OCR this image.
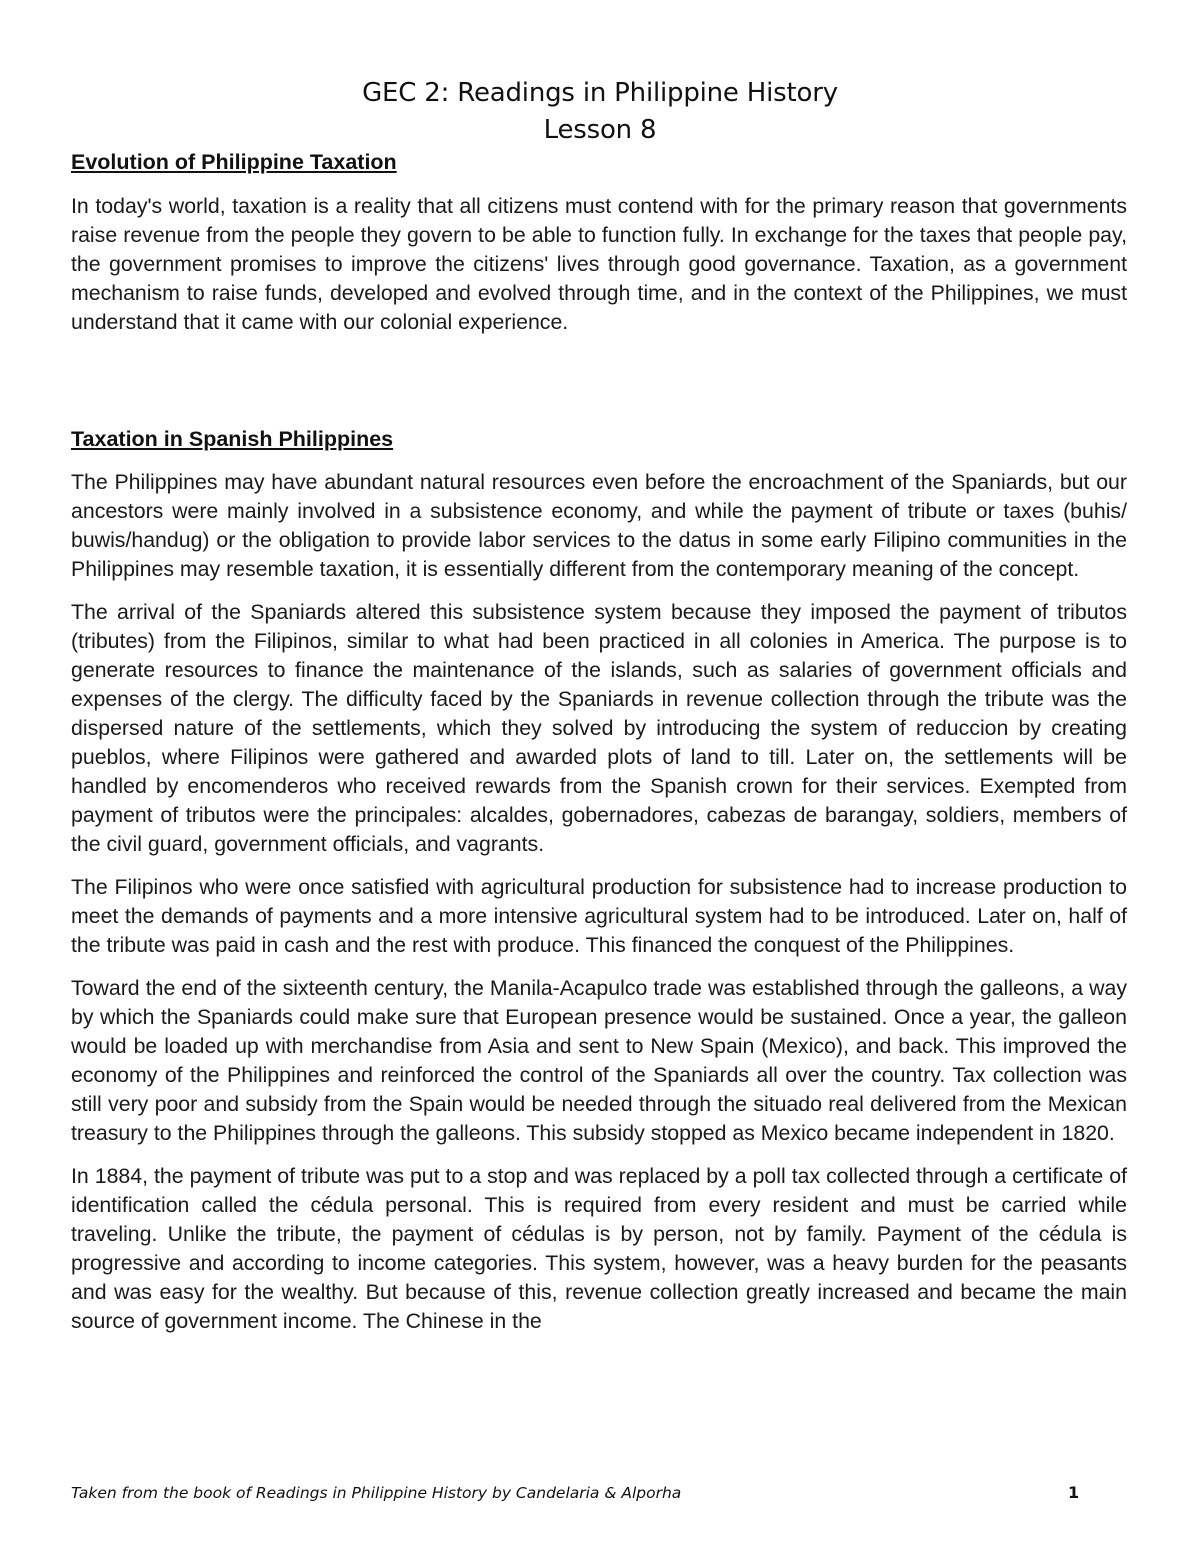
GEC 2: Readings in Philippine History
Lesson 8
Evolution of Philippine Taxation

In today's world, taxation is a reality that all citizens must contend with for the primary reason that governments raise revenue from the people they govern to be able to function fully. In exchange for the taxes that people pay, the government promises to improve the citizens' lives through good governance. Taxation, as a government mechanism to raise funds, developed and evolved through time, and in the context of the Philippines, we must understand that it came with our colonial experience.

Taxation in Spanish Philippines

The Philippines may have abundant natural resources even before the encroachment of the Spaniards, but our ancestors were mainly involved in a subsistence economy, and while the payment of tribute or taxes (buhis/ buwis/handug) or the obligation to provide labor services to the datus in some early Filipino communities in the Philippines may resemble taxation, it is essentially different from the contemporary meaning of the concept.

The arrival of the Spaniards altered this subsistence system because they imposed the payment of tributos (tributes) from the Filipinos, similar to what had been practiced in all colonies in America. The purpose is to generate resources to finance the maintenance of the islands, such as salaries of government officials and expenses of the clergy. The difficulty faced by the Spaniards in revenue collection through the tribute was the dispersed nature of the settlements, which they solved by introducing the system of reduccion by creating pueblos, where Filipinos were gathered and awarded plots of land to till. Later on, the settlements will be handled by encomenderos who received rewards from the Spanish crown for their services. Exempted from payment of tributos were the principales: alcaldes, gobernadores, cabezas de barangay, soldiers, members of the civil guard, government officials, and vagrants.

The Filipinos who were once satisfied with agricultural production for subsistence had to increase production to meet the demands of payments and a more intensive agricultural system had to be introduced. Later on, half of the tribute was paid in cash and the rest with produce. This financed the conquest of the Philippines.

Toward the end of the sixteenth century, the Manila-Acapulco trade was established through the galleons, a way by which the Spaniards could make sure that European presence would be sustained. Once a year, the galleon would be loaded up with merchandise from Asia and sent to New Spain (Mexico), and back. This improved the economy of the Philippines and reinforced the control of the Spaniards all over the country. Tax collection was still very poor and subsidy from the Spain would be needed through the situado real delivered from the Mexican treasury to the Philippines through the galleons. This subsidy stopped as Mexico became independent in 1820.

In 1884, the payment of tribute was put to a stop and was replaced by a poll tax collected through a certificate of identification called the cédula personal. This is required from every resident and must be carried while traveling. Unlike the tribute, the payment of cédulas is by person, not by family. Payment of the cédula is progressive and according to income categories. This system, however, was a heavy burden for the peasants and was easy for the wealthy. But because of this, revenue collection greatly increased and became the main source of government income. The Chinese in the

Taken from the book of Readings in Philippine History by Candelaria & Alporha	1
